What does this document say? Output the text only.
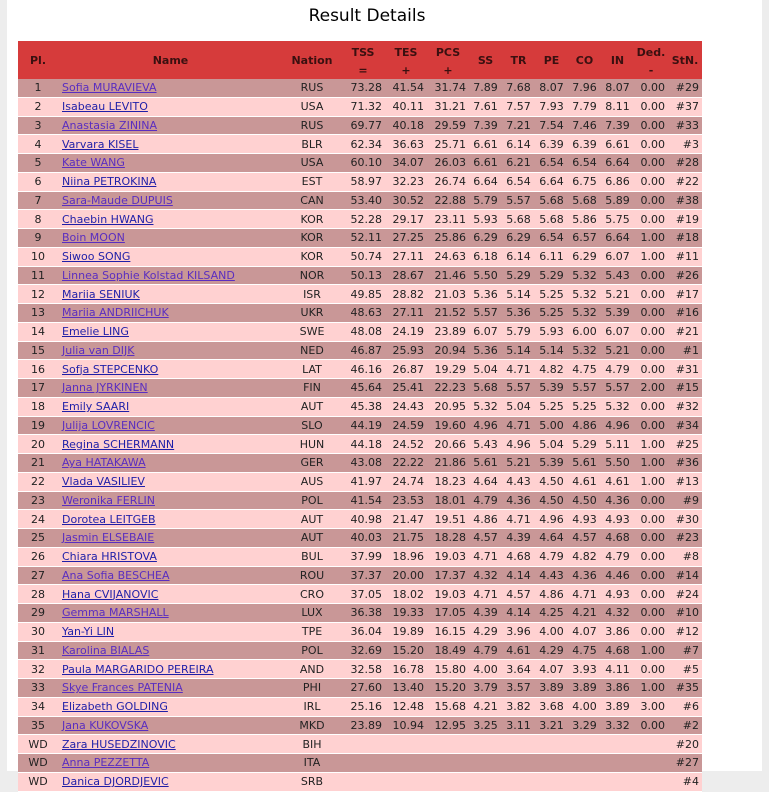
Result Details
Pl.	Name	Nation	TSS	TES	PCS	SS	TR	PE	CO	IN	Ded.	StN.
			=	+	+						-	
1	Sofia MURAVIEVA	RUS	73.28	41.54	31.74	7.89	7.68	8.07	7.96	8.07	0.00	#29
2	Isabeau LEVITO	USA	71.32	40.11	31.21	7.61	7.57	7.93	7.79	8.11	0.00	#37
3	Anastasia ZININA	RUS	69.77	40.18	29.59	7.39	7.21	7.54	7.46	7.39	0.00	#33
4	Varvara KISEL	BLR	62.34	36.63	25.71	6.61	6.14	6.39	6.39	6.61	0.00	#3
5	Kate WANG	USA	60.10	34.07	26.03	6.61	6.21	6.54	6.54	6.64	0.00	#28
6	Niina PETROKINA	EST	58.97	32.23	26.74	6.64	6.54	6.64	6.75	6.86	0.00	#22
7	Sara-Maude DUPUIS	CAN	53.40	30.52	22.88	5.79	5.57	5.68	5.68	5.89	0.00	#38
8	Chaebin HWANG	KOR	52.28	29.17	23.11	5.93	5.68	5.68	5.86	5.75	0.00	#19
9	Boin MOON	KOR	52.11	27.25	25.86	6.29	6.29	6.54	6.57	6.64	1.00	#18
10	Siwoo SONG	KOR	50.74	27.11	24.63	6.18	6.14	6.11	6.29	6.07	1.00	#11
11	Linnea Sophie Kolstad KILSAND	NOR	50.13	28.67	21.46	5.50	5.29	5.29	5.32	5.43	0.00	#26
12	Mariia SENIUK	ISR	49.85	28.82	21.03	5.36	5.14	5.25	5.32	5.21	0.00	#17
13	Mariia ANDRIICHUK	UKR	48.63	27.11	21.52	5.57	5.36	5.25	5.32	5.39	0.00	#16
14	Emelie LING	SWE	48.08	24.19	23.89	6.07	5.79	5.93	6.00	6.07	0.00	#21
15	Julia van DIJK	NED	46.87	25.93	20.94	5.36	5.14	5.14	5.32	5.21	0.00	#1
16	Sofja STEPCENKO	LAT	46.16	26.87	19.29	5.04	4.71	4.82	4.75	4.79	0.00	#31
17	Janna JYRKINEN	FIN	45.64	25.41	22.23	5.68	5.57	5.39	5.57	5.57	2.00	#15
18	Emily SAARI	AUT	45.38	24.43	20.95	5.32	5.04	5.25	5.25	5.32	0.00	#32
19	Julija LOVRENCIC	SLO	44.19	24.59	19.60	4.96	4.71	5.00	4.86	4.96	0.00	#34
20	Regina SCHERMANN	HUN	44.18	24.52	20.66	5.43	4.96	5.04	5.29	5.11	1.00	#25
21	Aya HATAKAWA	GER	43.08	22.22	21.86	5.61	5.21	5.39	5.61	5.50	1.00	#36
22	Vlada VASILIEV	AUS	41.97	24.74	18.23	4.64	4.43	4.50	4.61	4.61	1.00	#13
23	Weronika FERLIN	POL	41.54	23.53	18.01	4.79	4.36	4.50	4.50	4.36	0.00	#9
24	Dorotea LEITGEB	AUT	40.98	21.47	19.51	4.86	4.71	4.96	4.93	4.93	0.00	#30
25	Jasmin ELSEBAIE	AUT	40.03	21.75	18.28	4.57	4.39	4.64	4.57	4.68	0.00	#23
26	Chiara HRISTOVA	BUL	37.99	18.96	19.03	4.71	4.68	4.79	4.82	4.79	0.00	#8
27	Ana Sofia BESCHEA	ROU	37.37	20.00	17.37	4.32	4.14	4.43	4.36	4.46	0.00	#14
28	Hana CVIJANOVIC	CRO	37.05	18.02	19.03	4.71	4.57	4.86	4.71	4.93	0.00	#24
29	Gemma MARSHALL	LUX	36.38	19.33	17.05	4.39	4.14	4.25	4.21	4.32	0.00	#10
30	Yan-Yi LIN	TPE	36.04	19.89	16.15	4.29	3.96	4.00	4.07	3.86	0.00	#12
31	Karolina BIALAS	POL	32.69	15.20	18.49	4.79	4.61	4.29	4.75	4.68	1.00	#7
32	Paula MARGARIDO PEREIRA	AND	32.58	16.78	15.80	4.00	3.64	4.07	3.93	4.11	0.00	#5
33	Skye Frances PATENIA	PHI	27.60	13.40	15.20	3.79	3.57	3.89	3.89	3.86	1.00	#35
34	Elizabeth GOLDING	IRL	25.16	12.48	15.68	4.21	3.82	3.68	4.00	3.89	3.00	#6
35	Jana KUKOVSKA	MKD	23.89	10.94	12.95	3.25	3.11	3.21	3.29	3.32	0.00	#2
WD	Zara HUSEDZINOVIC	BIH										#20
WD	Anna PEZZETTA	ITA										#27
WD	Danica DJORDJEVIC	SRB										#4
